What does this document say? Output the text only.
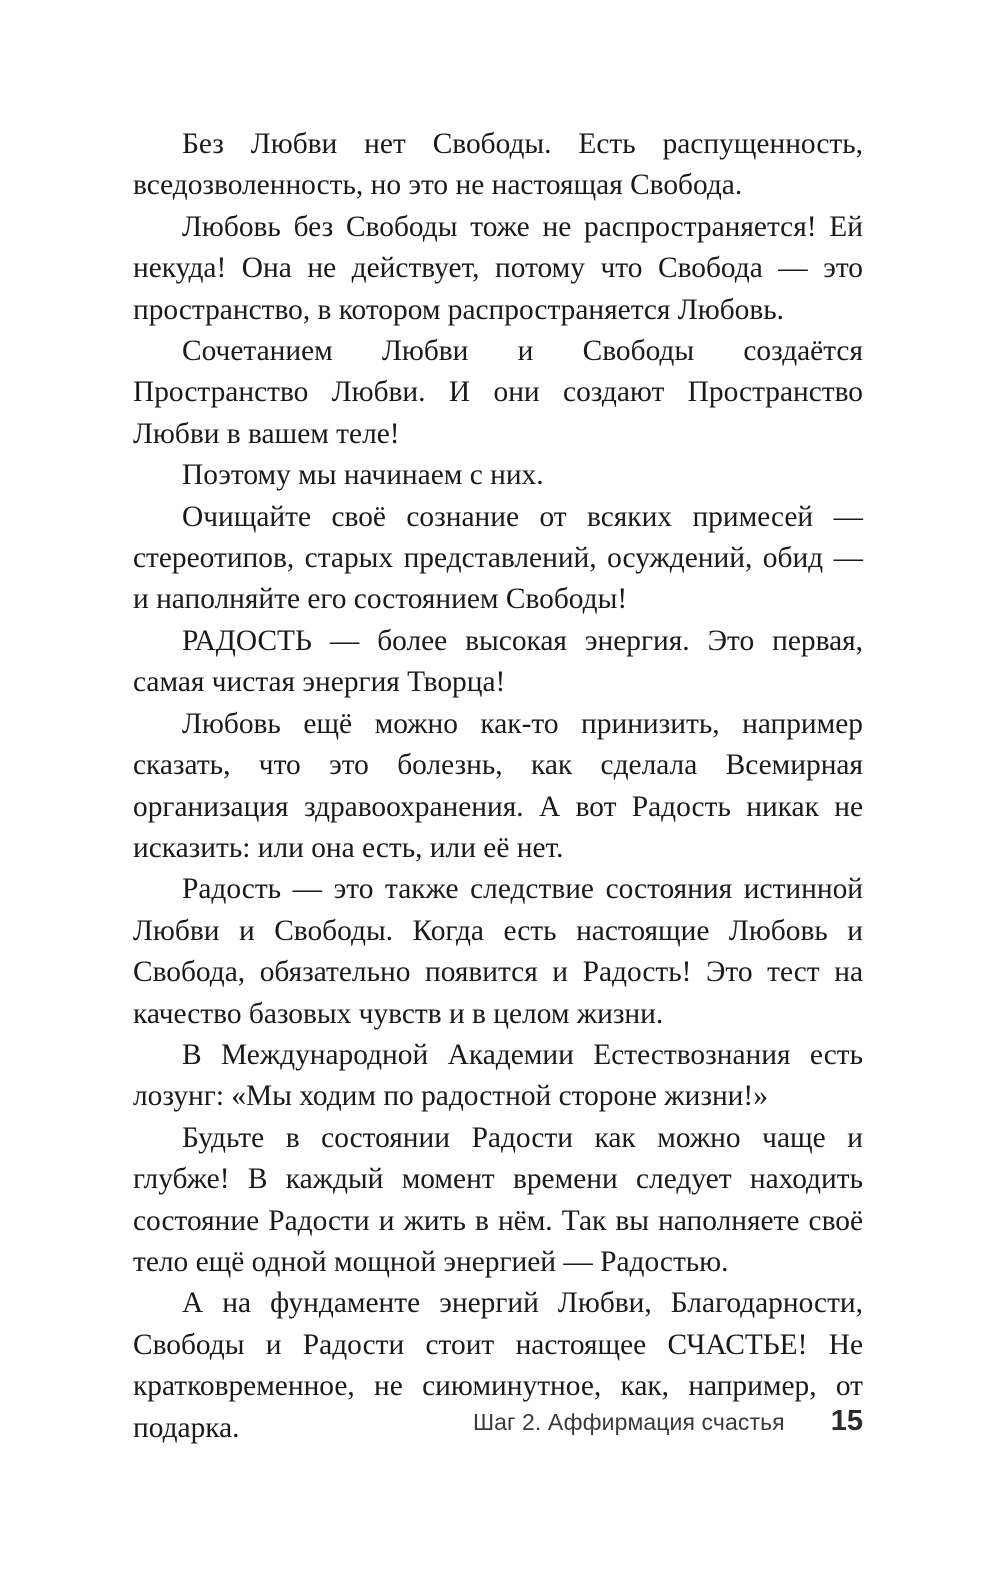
Без Любви нет Свободы. Есть распущенность, вседозволенность, но это не настоящая Свобода.

Любовь без Свободы тоже не распространяется! Ей некуда! Она не действует, потому что Свобода — это пространство, в котором распространяется Любовь.

Сочетанием Любви и Свободы создаётся Пространство Любви. И они создают Пространство Любви в вашем теле!

Поэтому мы начинаем с них.

Очищайте своё сознание от всяких примесей — стереотипов, старых представлений, осуждений, обид — и наполняйте его состоянием Свободы!

РАДОСТЬ — более высокая энергия. Это первая, самая чистая энергия Творца!

Любовь ещё можно как-то принизить, например сказать, что это болезнь, как сделала Всемирная организация здравоохранения. А вот Радость никак не исказить: или она есть, или её нет.

Радость — это также следствие состояния истинной Любви и Свободы. Когда есть настоящие Любовь и Свобода, обязательно появится и Радость! Это тест на качество базовых чувств и в целом жизни.

В Международной Академии Естествознания есть лозунг: «Мы ходим по радостной стороне жизни!»

Будьте в состоянии Радости как можно чаще и глубже! В каждый момент времени следует находить состояние Радости и жить в нём. Так вы наполняете своё тело ещё одной мощной энергией — Радостью.

А на фундаменте энергий Любви, Благодарности, Свободы и Радости стоит настоящее СЧАСТЬЕ! Не кратковременное, не сиюминутное, как, например, от подарка.	Шаг 2. Аффирмация счастья 15
